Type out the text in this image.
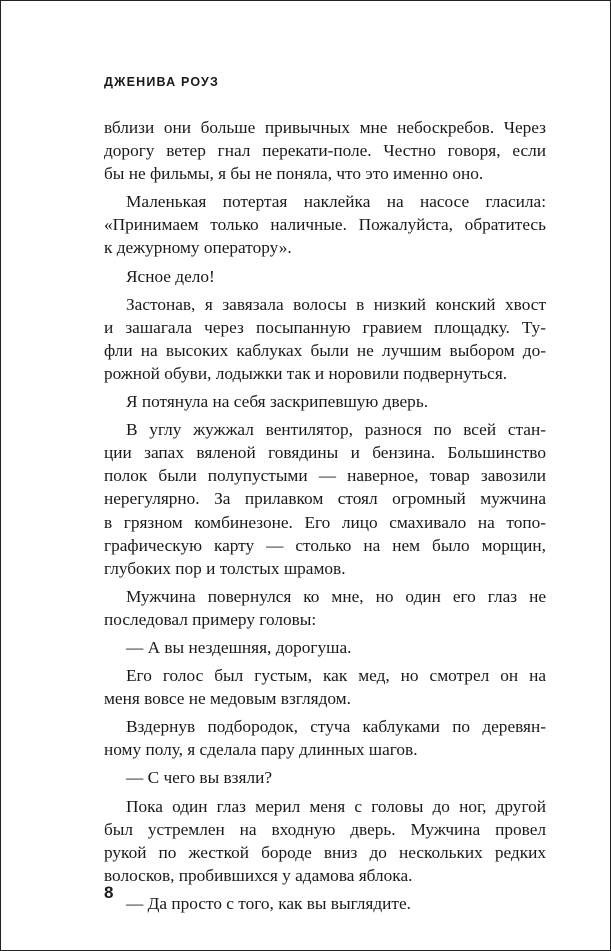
ДЖЕНИВА РОУЗ
вблизи они больше привычных мне небоскребов. Через
дорогу ветер гнал перекати-поле. Честно говоря, если
бы не фильмы, я бы не поняла, что это именно оно.
Маленькая потертая наклейка на насосе гласила:
«Принимаем только наличные. Пожалуйста, обратитесь
к дежурному оператору».
Ясное дело!
Застонав, я завязала волосы в низкий конский хвост
и зашагала через посыпанную гравием площадку. Ту-
фли на высоких каблуках были не лучшим выбором до-
рожной обуви, лодыжки так и норовили подвернуться.
Я потянула на себя заскрипевшую дверь.
В углу жужжал вентилятор, разнося по всей стан-
ции запах вяленой говядины и бензина. Большинство
полок были полупустыми — наверное, товар завозили
нерегулярно. За прилавком стоял огромный мужчина
в грязном комбинезоне. Его лицо смахивало на топо-
графическую карту — столько на нем было морщин,
глубоких пор и толстых шрамов.
Мужчина повернулся ко мне, но один его глаз не
последовал примеру головы:
— А вы нездешняя, дорогуша.
Его голос был густым, как мед, но смотрел он на
меня вовсе не медовым взглядом.
Вздернув подбородок, стуча каблуками по деревян-
ному полу, я сделала пару длинных шагов.
— С чего вы взяли?
Пока один глаз мерил меня с головы до ног, другой
был устремлен на входную дверь. Мужчина провел
рукой по жесткой бороде вниз до нескольких редких
волосков, пробившихся у адамова яблока.
— Да просто с того, как вы выглядите.
8
